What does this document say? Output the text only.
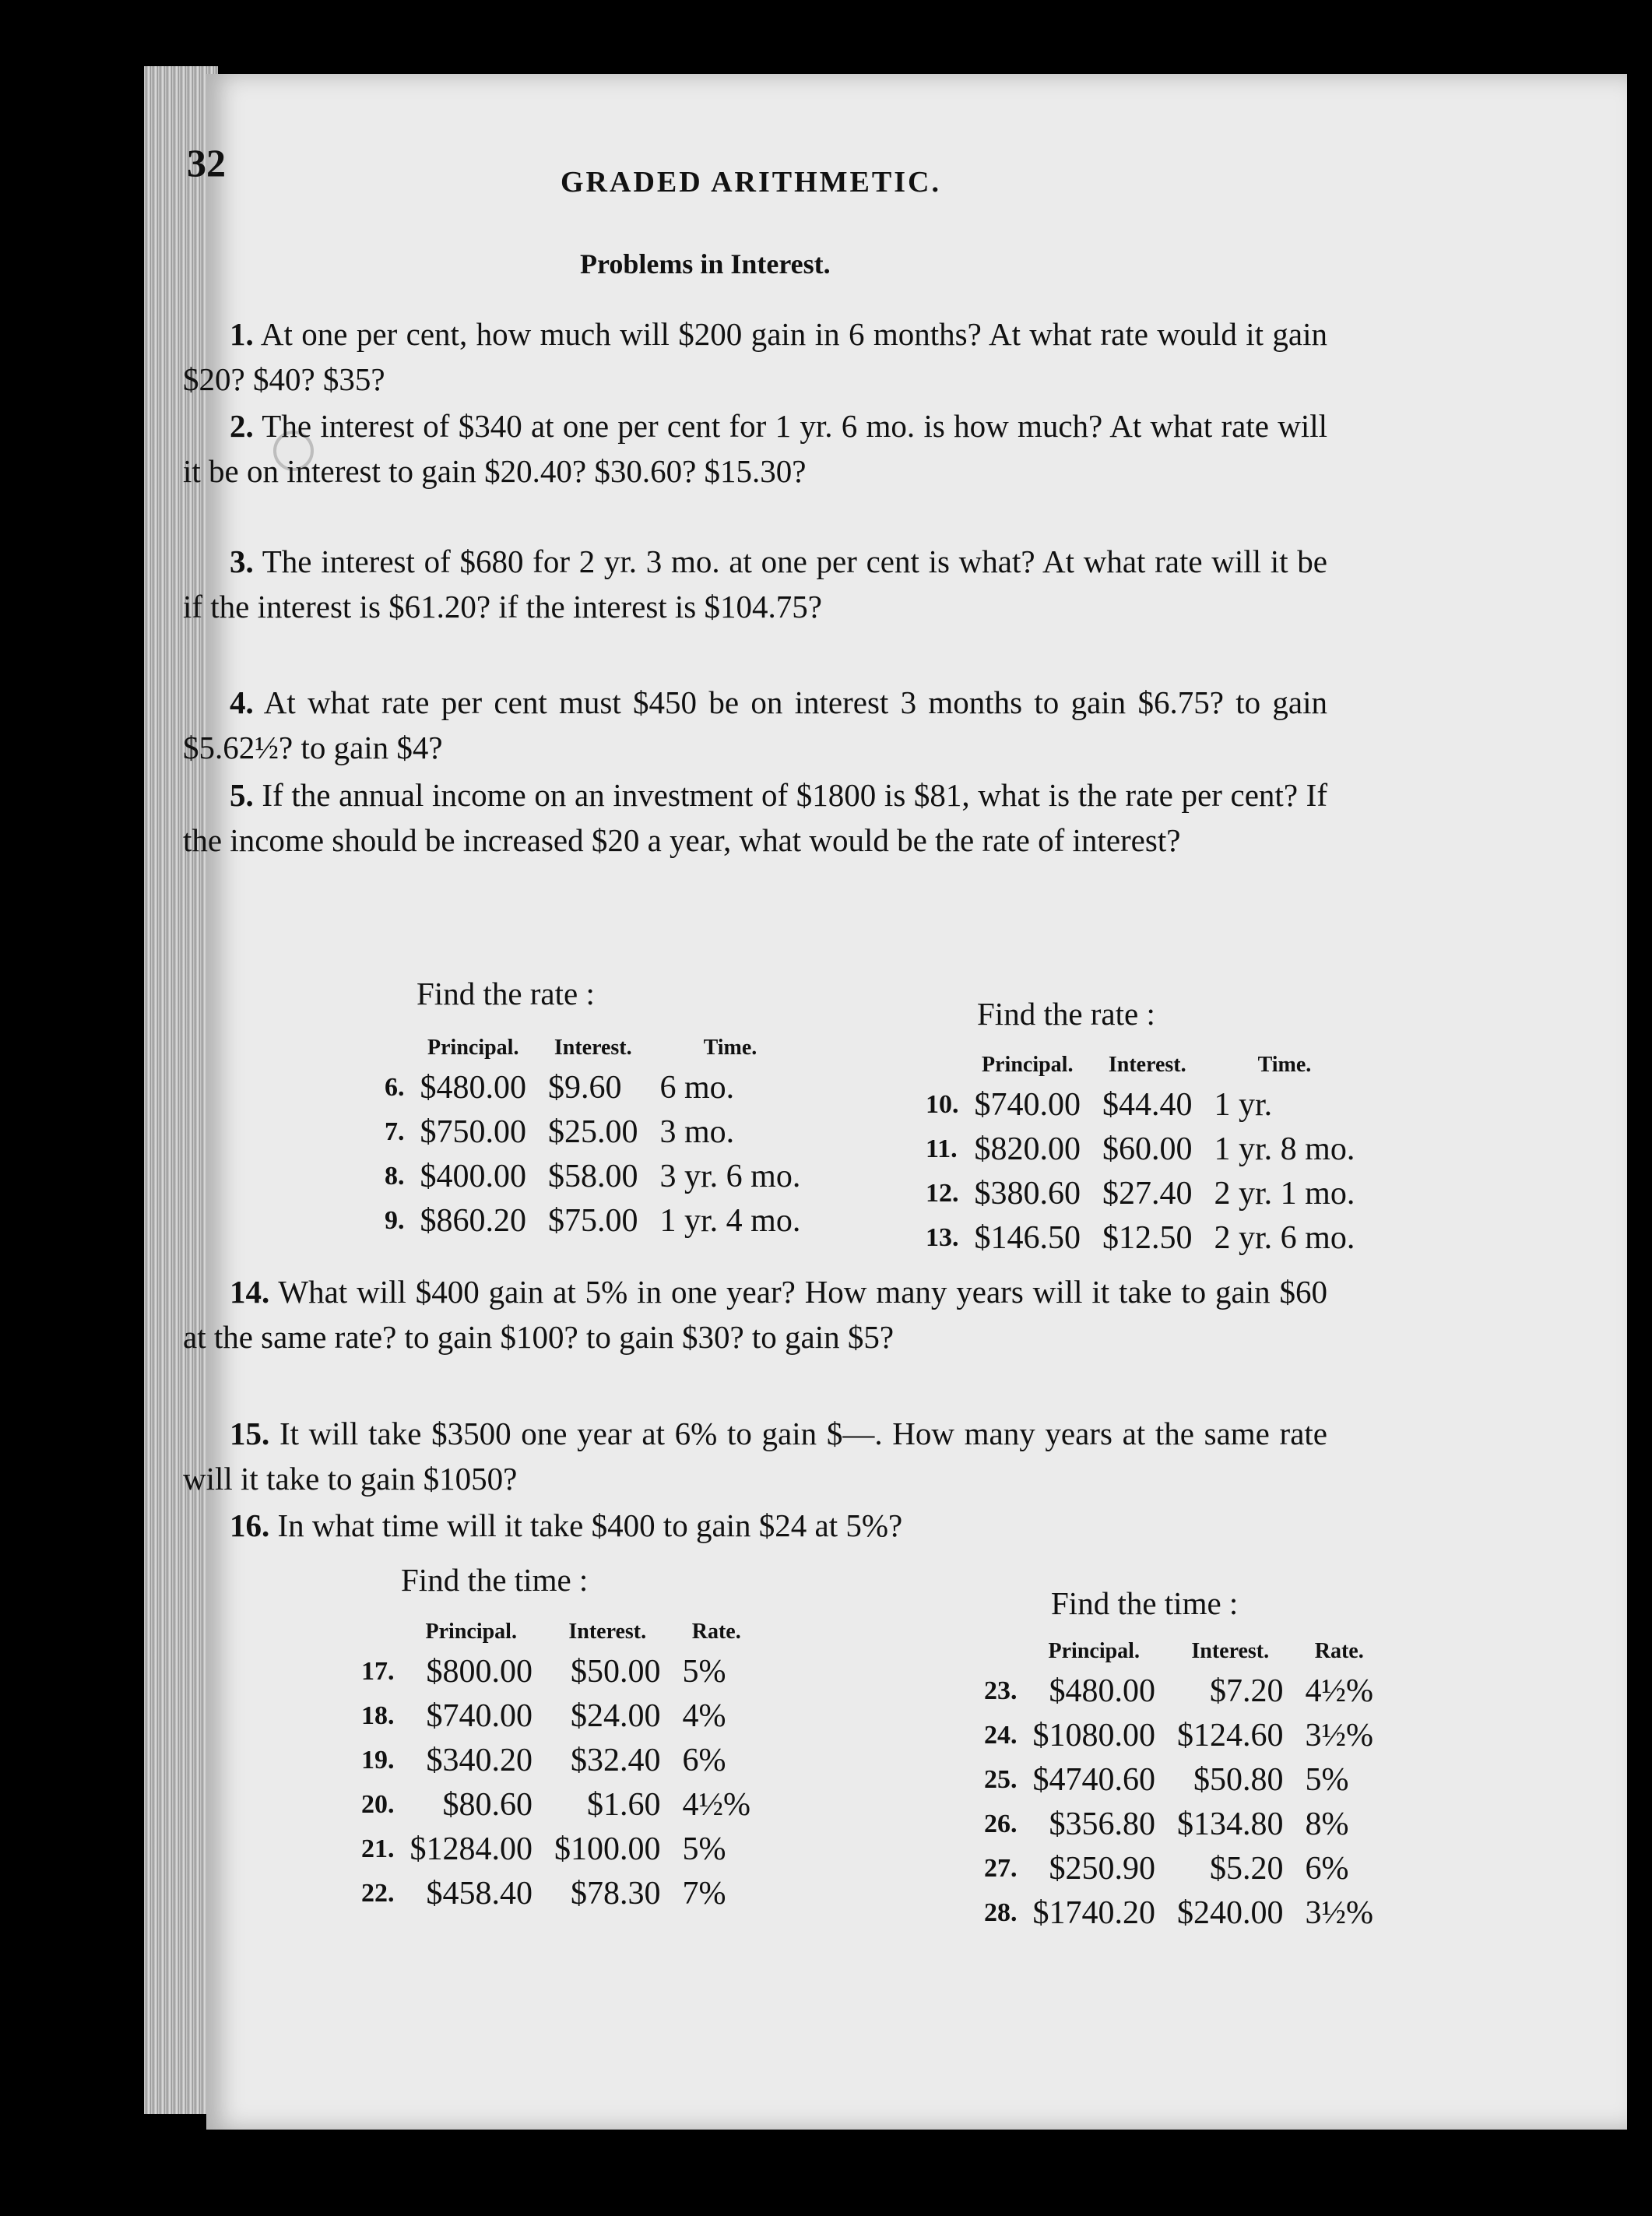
32	GRADED ARITHMETIC.
Problems in Interest.
1. At one per cent, how much will $200 gain in 6 months? At what rate would it gain $20? $40? $35?
2. The interest of $340 at one per cent for 1 yr. 6 mo. is how much? At what rate will it be on interest to gain $20.40? $30.60? $15.30?
3. The interest of $680 for 2 yr. 3 mo. at one per cent is what? At what rate will it be if the interest is $61.20? if the interest is $104.75?
4. At what rate per cent must $450 be on interest 3 months to gain $6.75? to gain $5.62½? to gain $4?
5. If the annual income on an investment of $1800 is $81, what is the rate per cent? If the income should be increased $20 a year, what would be the rate of interest?
Find the rate :
Find the rate :
	Principal.	Interest.	Time.
6.	$480.00	$9.60	6 mo.
7.	$750.00	$25.00	3 mo.
8.	$400.00	$58.00	3 yr. 6 mo.
9.	$860.20	$75.00	1 yr. 4 mo.
	Principal.	Interest.	Time.
10.	$740.00	$44.40	1 yr.
11.	$820.00	$60.00	1 yr. 8 mo.
12.	$380.60	$27.40	2 yr. 1 mo.
13.	$146.50	$12.50	2 yr. 6 mo.
14. What will $400 gain at 5% in one year? How many years will it take to gain $60 at the same rate? to gain $100? to gain $30? to gain $5?
15. It will take $3500 one year at 6% to gain $—. How many years at the same rate will it take to gain $1050?
16. In what time will it take $400 to gain $24 at 5%?
Find the time :
Find the time :
	Principal.	Interest.	Rate.
17.	$800.00	$50.00	5%
18.	$740.00	$24.00	4%
19.	$340.20	$32.40	6%
20.	$80.60	$1.60	4½%
21.	$1284.00	$100.00	5%
22.	$458.40	$78.30	7%
	Principal.	Interest.	Rate.
23.	$480.00	$7.20	4½%
24.	$1080.00	$124.60	3½%
25.	$4740.60	$50.80	5%
26.	$356.80	$134.80	8%
27.	$250.90	$5.20	6%
28.	$1740.20	$240.00	3½%
